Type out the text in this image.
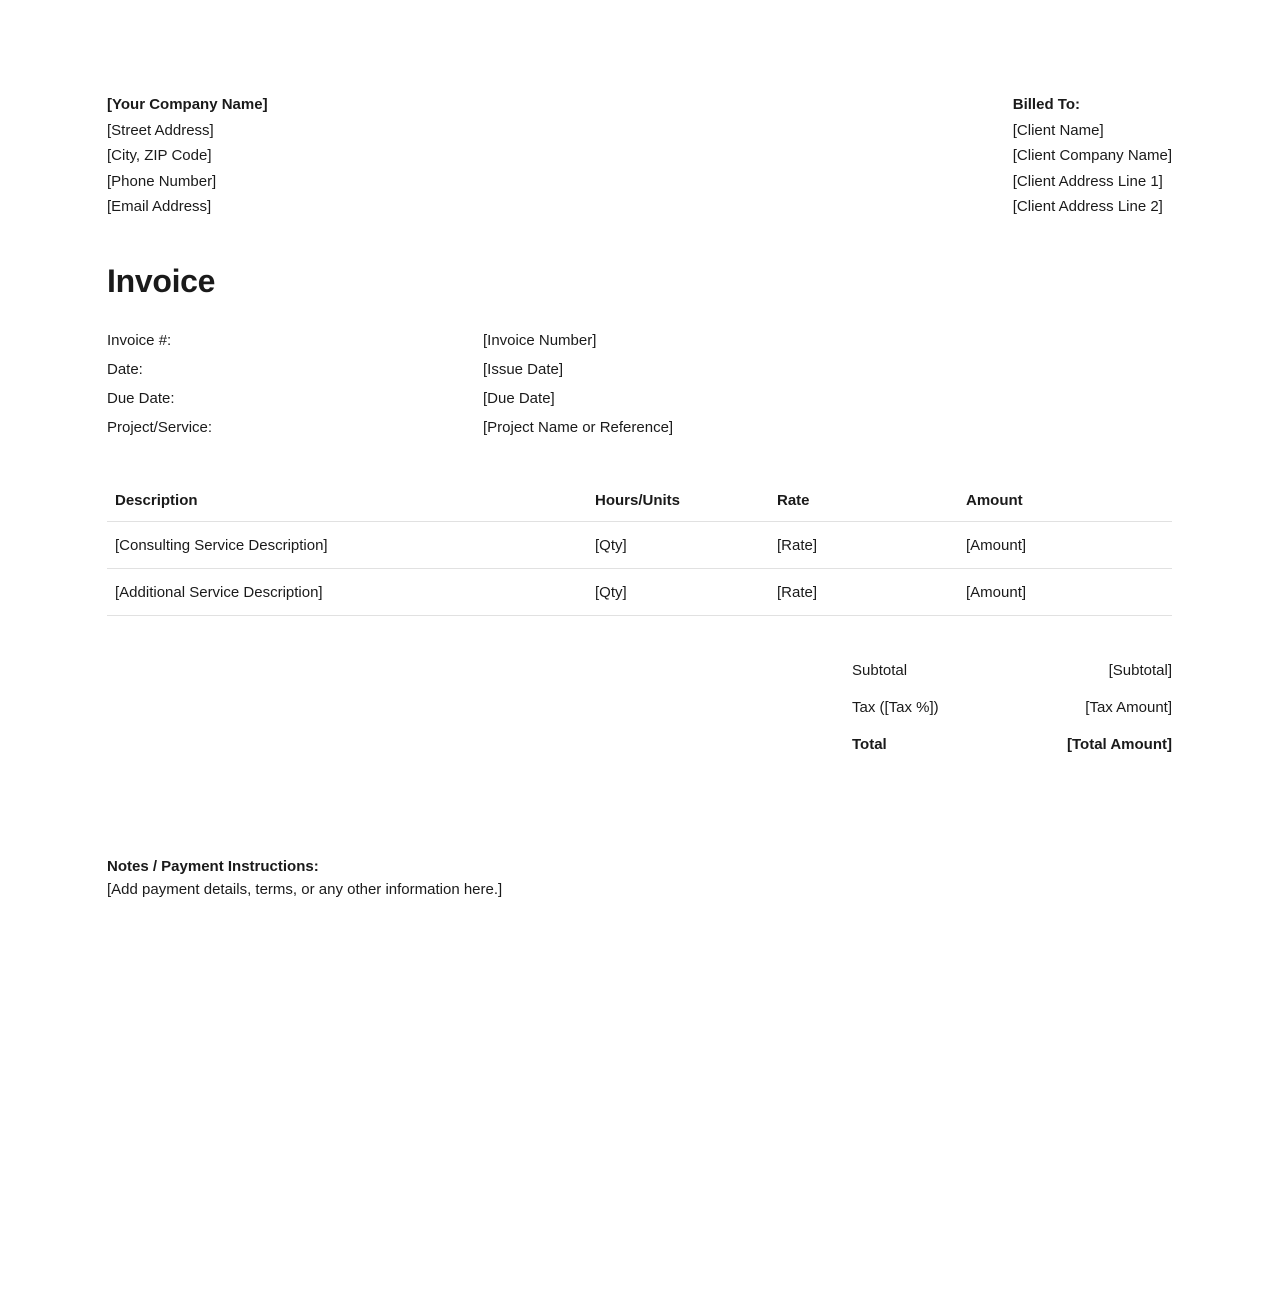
[Your Company Name]
[Street Address]
[City, ZIP Code]
[Phone Number]
[Email Address]
Billed To:
[Client Name]
[Client Company Name]
[Client Address Line 1]
[Client Address Line 2]
Invoice
Invoice #:	[Invoice Number]
Date:	[Issue Date]
Due Date:	[Due Date]
Project/Service:	[Project Name or Reference]
Description	Hours/Units	Rate	Amount
[Consulting Service Description]	[Qty]	[Rate]	[Amount]
[Additional Service Description]	[Qty]	[Rate]	[Amount]
Subtotal	[Subtotal]
Tax ([Tax %])	[Tax Amount]
Total	[Total Amount]
Notes / Payment Instructions:
[Add payment details, terms, or any other information here.]
